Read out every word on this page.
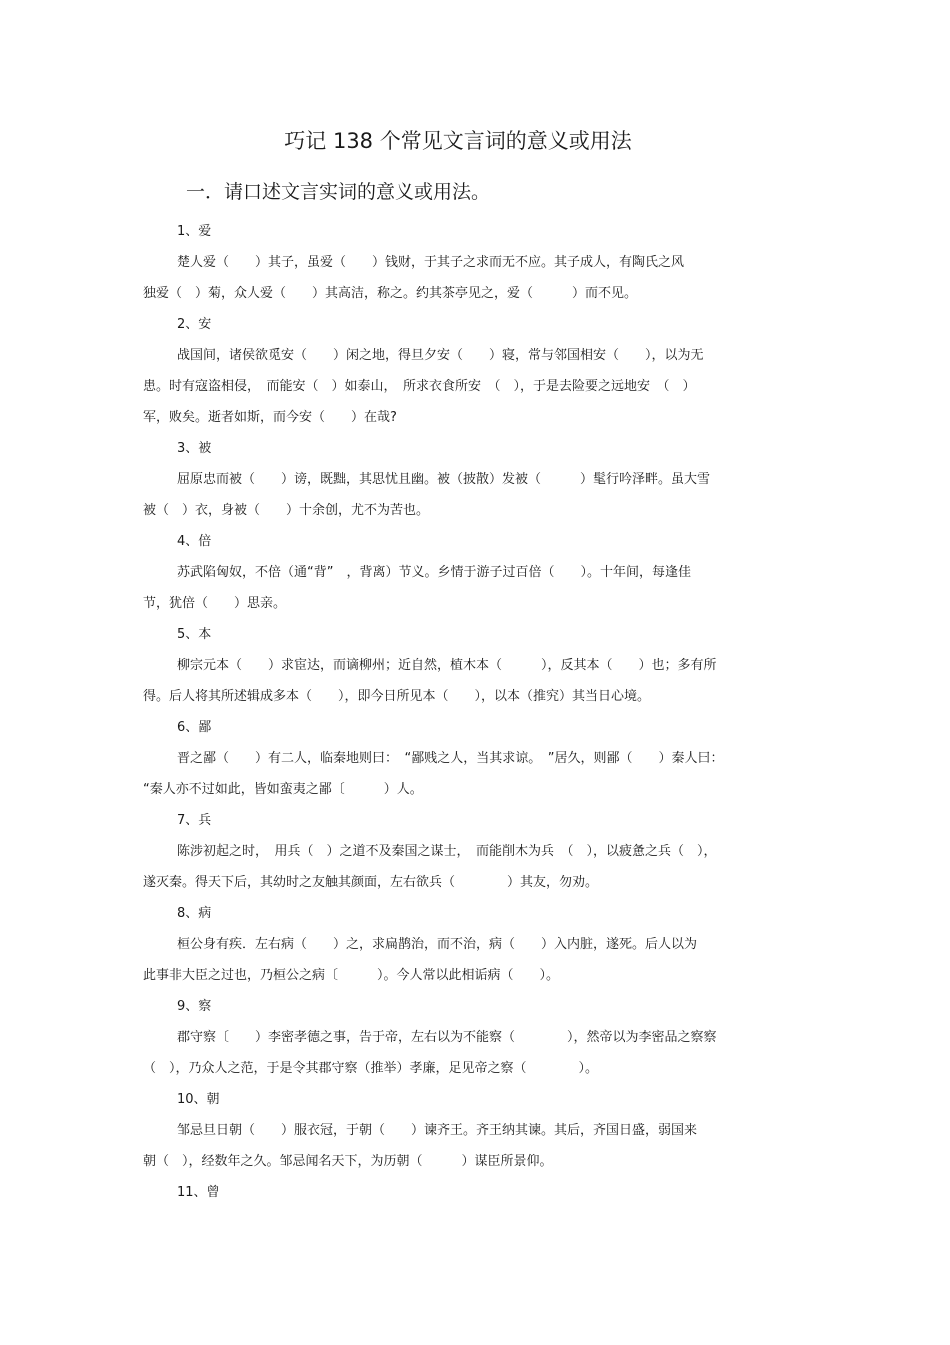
巧记 138 个常见文言词的意义或用法
一．请口述文言实词的意义或用法。

1、爱

楚人爱（　　）其子，虽爱（　　）钱财，于其子之求而无不应。其子成人，有陶氏之风

独爱（　）菊，众人爱（　　）其高洁，称之。约其茶亭见之，爱（　　　）而不见。

2、安

战国间，诸侯欲觅安（　　）闲之地，得旦夕安（　　）寝，常与邻国相安（　　），以为无

患。时有寇盗相侵，　而能安（　）如泰山，　所求衣食所安　（　），于是去险要之远地安　（　）

军，败矣。逝者如斯，而今安（　　）在哉?

3、被

屈原忠而被（　　）谤，既黜，其思忧且幽。被（披散）发被（　　　）髦行吟泽畔。虽大雪

被（　）衣，身被（　　）十余创，尤不为苦也。

4、倍

苏武陷匈奴，不倍（通“背”　，背离）节义。乡情于游子过百倍（　　）。十年间，每逢佳

节，犹倍（　　）思亲。

5、本

柳宗元本（　　）求宦达，而谪柳州；近自然，植木本（　　　），反其本（　　）也；多有所

得。后人将其所述辑成多本（　　），即今日所见本（　　），以本（推究）其当日心境。

6、鄙

晋之鄙（　　）有二人，临秦地则曰：　“鄙贱之人，当其求谅。　”居久，则鄙（　　）秦人曰：

“秦人亦不过如此，皆如蛮夷之鄙〔　　　）人。

7、兵

陈涉初起之时，　用兵（　）之道不及秦国之谋士，　而能削木为兵　（　），以疲惫之兵（　），

遂灭秦。得天下后，其幼时之友触其颜面，左右欲兵（　　　　）其友，勿劝。

8、病

桓公身有疾．左右病（　　）之，求扁鹊治，而不治，病（　　）入内脏，遂死。后人以为

此事非大臣之过也，乃桓公之病〔　　　）。今人常以此相诟病（　　）。

9、察

郡守察〔　　）李密孝德之事，告于帝，左右以为不能察（　　　　），然帝以为李密品之察察

（　），乃众人之范，于是令其郡守察（推举）孝廉，足见帝之察（　　　　）。

10、朝

邹忌旦日朝（　　）服衣冠，于朝（　　）谏齐王。齐王纳其谏。其后，齐国日盛，弱国来

朝（　），经数年之久。邹忌闻名天下，为历朝（　　　）谋臣所景仰。

11、曾
